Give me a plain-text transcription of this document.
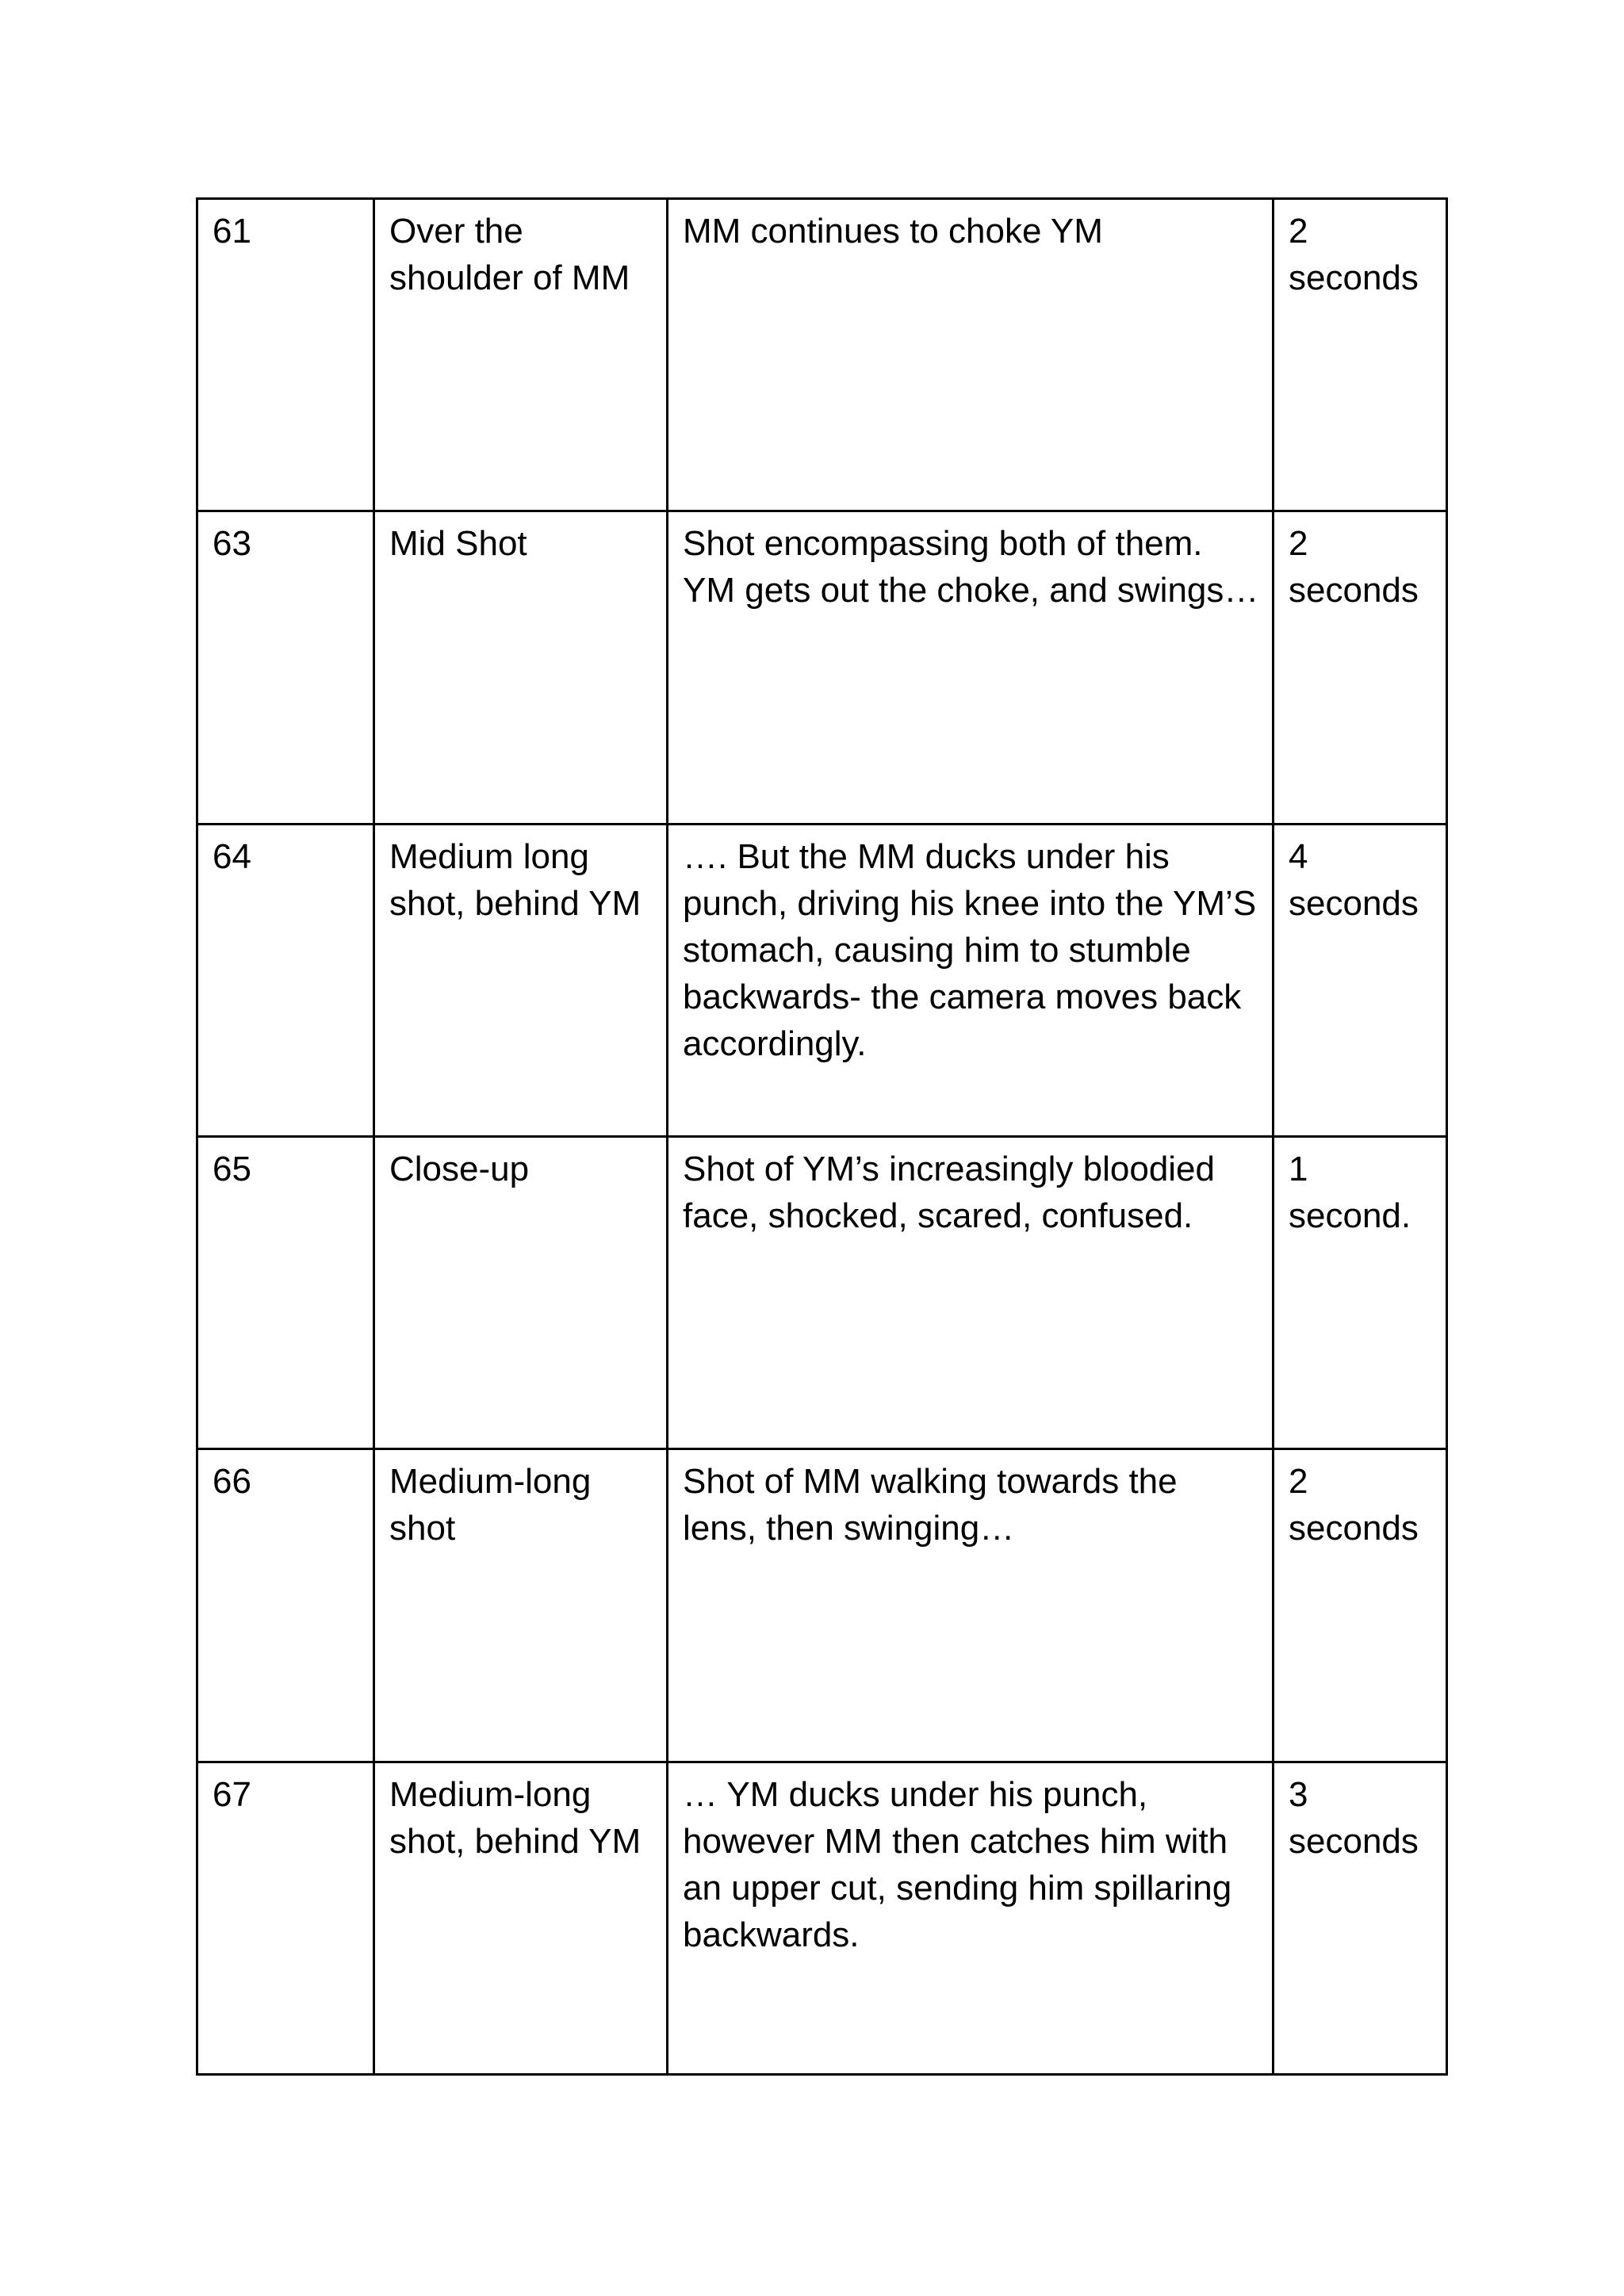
61	Over the shoulder of MM	MM continues to choke YM	2 seconds

63	Mid Shot	Shot encompassing both of them. YM gets out the choke, and swings…	2 seconds

64	Medium long shot, behind YM	…. But the MM ducks under his punch, driving his knee into the YM’S stomach, causing him to stumble backwards- the camera moves back accordingly.	4 seconds

65	Close-up	Shot of YM’s increasingly bloodied face, shocked, scared, confused.	1 second.

66	Medium-long shot	Shot of MM walking towards the lens, then swinging…	2 seconds

67	Medium-long shot, behind YM	… YM ducks under his punch, however MM then catches him with an upper cut, sending him spillaring backwards.	3 seconds
